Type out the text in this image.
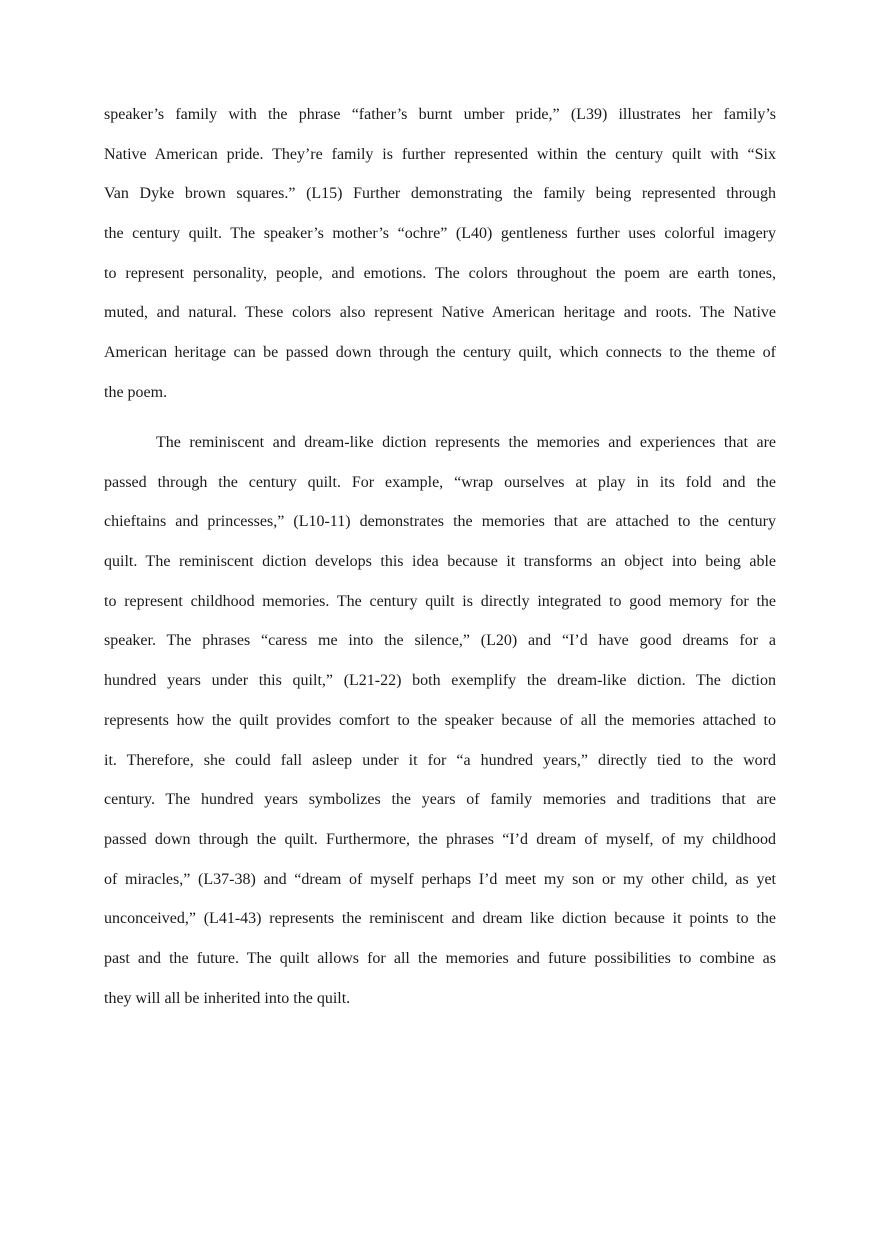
speaker’s family with the phrase “father’s burnt umber pride,” (L39) illustrates her family’s
Native American pride. They’re family is further represented within the century quilt with “Six
Van Dyke brown squares.” (L15) Further demonstrating the family being represented through
the century quilt. The speaker’s mother’s “ochre” (L40) gentleness further uses colorful imagery
to represent personality, people, and emotions. The colors throughout the poem are earth tones,
muted, and natural. These colors also represent Native American heritage and roots. The Native
American heritage can be passed down through the century quilt, which connects to the theme of
the poem.
The reminiscent and dream-like diction represents the memories and experiences that are
passed through the century quilt. For example, “wrap ourselves at play in its fold and the
chieftains and princesses,” (L10-11) demonstrates the memories that are attached to the century
quilt. The reminiscent diction develops this idea because it transforms an object into being able
to represent childhood memories. The century quilt is directly integrated to good memory for the
speaker. The phrases “caress me into the silence,” (L20) and “I’d have good dreams for a
hundred years under this quilt,” (L21-22) both exemplify the dream-like diction. The diction
represents how the quilt provides comfort to the speaker because of all the memories attached to
it. Therefore, she could fall asleep under it for “a hundred years,” directly tied to the word
century. The hundred years symbolizes the years of family memories and traditions that are
passed down through the quilt. Furthermore, the phrases “I’d dream of myself, of my childhood
of miracles,” (L37-38) and “dream of myself perhaps I’d meet my son or my other child, as yet
unconceived,” (L41-43) represents the reminiscent and dream like diction because it points to the
past and the future. The quilt allows for all the memories and future possibilities to combine as
they will all be inherited into the quilt.
